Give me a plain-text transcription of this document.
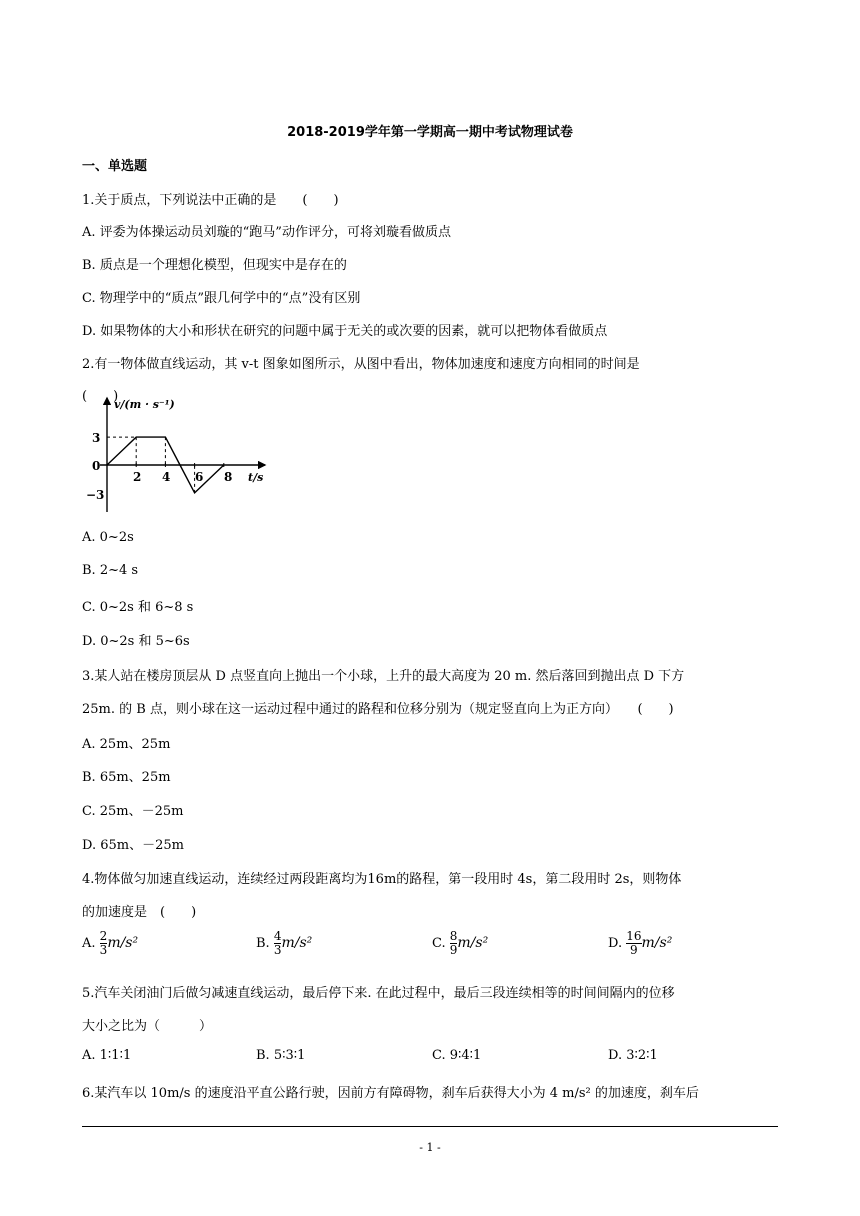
2018-2019学年第一学期高一期中考试物理试卷
一、单选题
1.关于质点，下列说法中正确的是　　(　　)
A. 评委为体操运动员刘璇的“跑马”动作评分，可将刘璇看做质点
B. 质点是一个理想化模型，但现实中是存在的
C. 物理学中的“质点”跟几何学中的“点”没有区别
D. 如果物体的大小和形状在研究的问题中属于无关的或次要的因素，就可以把物体看做质点
2.有一物体做直线运动，其 v-t 图象如图所示，从图中看出，物体加速度和速度方向相同的时间是
(　　)
v/(m · s⁻¹)
t/s
3
0
−3
2 4 6 8
A. 0~2s
B. 2~4 s
C. 0~2s 和 6~8 s
D. 0~2s 和 5~6s
3.某人站在楼房顶层从 D 点竖直向上抛出一个小球，上升的最大高度为 20 m. 然后落回到抛出点 D 下方
25m. 的 B 点，则小球在这一运动过程中通过的路程和位移分别为（规定竖直向上为正方向）　　(　　)
A. 25m、25m
B. 65m、25m
C. 25m、－25m
D. 65m、－25m
4.物体做匀加速直线运动，连续经过两段距离均为16m的路程，第一段用时 4s，第二段用时 2s，则物体
的加速度是　(　　)
A. $\frac{2}{3} m/s^2$	B. $\frac{4}{3} m/s^2$	C. $\frac{8}{9} m/s^2$	D. $\frac{16}{9} m/s^2$
5.汽车关闭油门后做匀减速直线运动，最后停下来. 在此过程中，最后三段连续相等的时间间隔内的位移
大小之比为（　　　）
A. 1∶1∶1	B. 5∶3∶1	C. 9∶4∶1	D. 3∶2∶1
6.某汽车以 10m/s 的速度沿平直公路行驶，因前方有障碍物，刹车后获得大小为 4 m/s² 的加速度，刹车后
- 1 -
